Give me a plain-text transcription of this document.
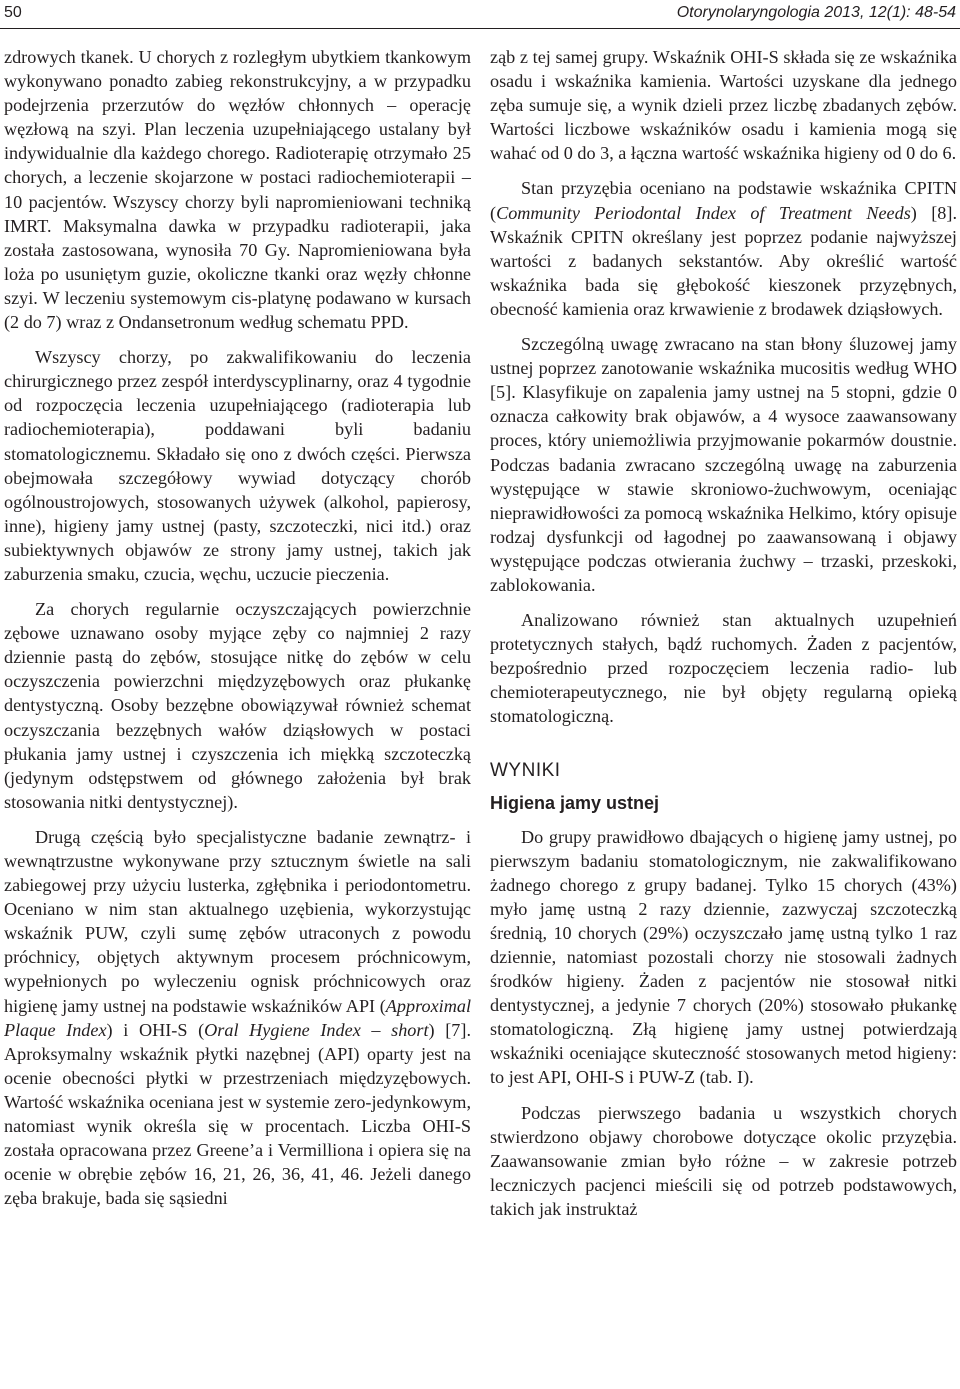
50	Otorynolaryngologia 2013, 12(1): 48-54

zdrowych tkanek. U chorych z rozległym ubytkiem tkankowym wykonywano ponadto zabieg rekonstrukcyjny, a w przypadku podejrzenia przerzutów do węzłów chłonnych – operację węzłową na szyi. Plan leczenia uzupełniającego ustalany był indywidualnie dla każdego chorego. Radioterapię otrzymało 25 chorych, a leczenie skojarzone w postaci radiochemioterapii – 10 pacjentów. Wszyscy chorzy byli napromieniowani techniką IMRT. Maksymalna dawka w przypadku radioterapii, jaka została zastosowana, wynosiła 70 Gy. Napromieniowana była loża po usuniętym guzie, okoliczne tkanki oraz węzły chłonne szyi. W leczeniu systemowym cis-platynę podawano w kursach (2 do 7) wraz z Ondansetronum według schematu PPD.

Wszyscy chorzy, po zakwalifikowaniu do leczenia chirurgicznego przez zespół interdyscyplinarny, oraz 4 tygodnie od rozpoczęcia leczenia uzupełniającego (radioterapia lub radiochemioterapia), poddawani byli badaniu stomatologicznemu. Składało się ono z dwóch części. Pierwsza obejmowała szczegółowy wywiad dotyczący chorób ogólnoustrojowych, stosowanych używek (alkohol, papierosy, inne), higieny jamy ustnej (pasty, szczoteczki, nici itd.) oraz subiektywnych objawów ze strony jamy ustnej, takich jak zaburzenia smaku, czucia, węchu, uczucie pieczenia.

Za chorych regularnie oczyszczających powierzchnie zębowe uznawano osoby myjące zęby co najmniej 2 razy dziennie pastą do zębów, stosujące nitkę do zębów w celu oczyszczenia powierzchni międzyzębowych oraz płukankę dentystyczną. Osoby bezzębne obowiązywał również schemat oczyszczania bezzębnych wałów dziąsłowych w postaci płukania jamy ustnej i czyszczenia ich miękką szczoteczką (jedynym odstępstwem od głównego założenia był brak stosowania nitki dentystycznej).

Drugą częścią było specjalistyczne badanie zewnątrz- i wewnątrzustne wykonywane przy sztucznym świetle na sali zabiegowej przy użyciu lusterka, zgłębnika i periodontometru. Oceniano w nim stan aktualnego uzębienia, wykorzystując wskaźnik PUW, czyli sumę zębów utraconych z powodu próchnicy, objętych aktywnym procesem próchnicowym, wypełnionych po wyleczeniu ognisk próchnicowych oraz higienę jamy ustnej na podstawie wskaźników API (Approximal Plaque Index) i OHI-S (Oral Hygiene Index – short) [7]. Aproksymalny wskaźnik płytki nazębnej (API) oparty jest na ocenie obecności płytki w przestrzeniach międzyzębowych. Wartość wskaźnika oceniana jest w systemie zero-jedynkowym, natomiast wynik określa się w procentach. Liczba OHI-S została opracowana przez Greene’a i Vermilliona i opiera się na ocenie w obrębie zębów 16, 21, 26, 36, 41, 46. Jeżeli danego zęba brakuje, bada się sąsiedni

ząb z tej samej grupy. Wskaźnik OHI-S składa się ze wskaźnika osadu i wskaźnika kamienia. Wartości uzyskane dla jednego zęba sumuje się, a wynik dzieli przez liczbę zbadanych zębów. Wartości liczbowe wskaźników osadu i kamienia mogą się wahać od 0 do 3, a łączna wartość wskaźnika higieny od 0 do 6.

Stan przyzębia oceniano na podstawie wskaźnika CPITN (Community Periodontal Index of Treatment Needs) [8]. Wskaźnik CPITN określany jest poprzez podanie najwyższej wartości z badanych sekstantów. Aby określić wartość wskaźnika bada się głębokość kieszonek przyzębnych, obecność kamienia oraz krwawienie z brodawek dziąsłowych.

Szczególną uwagę zwracano na stan błony śluzowej jamy ustnej poprzez zanotowanie wskaźnika mucositis według WHO [5]. Klasyfikuje on zapalenia jamy ustnej na 5 stopni, gdzie 0 oznacza całkowity brak objawów, a 4 wysoce zaawansowany proces, który uniemożliwia przyjmowanie pokarmów doustnie. Podczas badania zwracano szczególną uwagę na zaburzenia występujące w stawie skroniowo-żuchwowym, oceniając nieprawidłowości za pomocą wskaźnika Helkimo, który opisuje rodzaj dysfunkcji od łagodnej po zaawansowaną i objawy występujące podczas otwierania żuchwy – trzaski, przeskoki, zablokowania.

Analizowano również stan aktualnych uzupełnień protetycznych stałych, bądź ruchomych. Żaden z pacjentów, bezpośrednio przed rozpoczęciem leczenia radio- lub chemioterapeutycznego, nie był objęty regularną opieką stomatologiczną.

WYNIKI
Higiena jamy ustnej

Do grupy prawidłowo dbających o higienę jamy ustnej, po pierwszym badaniu stomatologicznym, nie zakwalifikowano żadnego chorego z grupy badanej. Tylko 15 chorych (43%) myło jamę ustną 2 razy dziennie, zazwyczaj szczoteczką średnią, 10 chorych (29%) oczyszczało jamę ustną tylko 1 raz dziennie, natomiast pozostali chorzy nie stosowali żadnych środków higieny. Żaden z pacjentów nie stosował nitki dentystycznej, a jedynie 7 chorych (20%) stosowało płukankę stomatologiczną. Złą higienę jamy ustnej potwierdzają wskaźniki oceniające skuteczność stosowanych metod higieny: to jest API, OHI-S i PUW-Z (tab. I).

Podczas pierwszego badania u wszystkich chorych stwierdzono objawy chorobowe dotyczące okolic przyzębia. Zaawansowanie zmian było różne – w zakresie potrzeb leczniczych pacjenci mieścili się od potrzeb podstawowych, takich jak instruktaż
